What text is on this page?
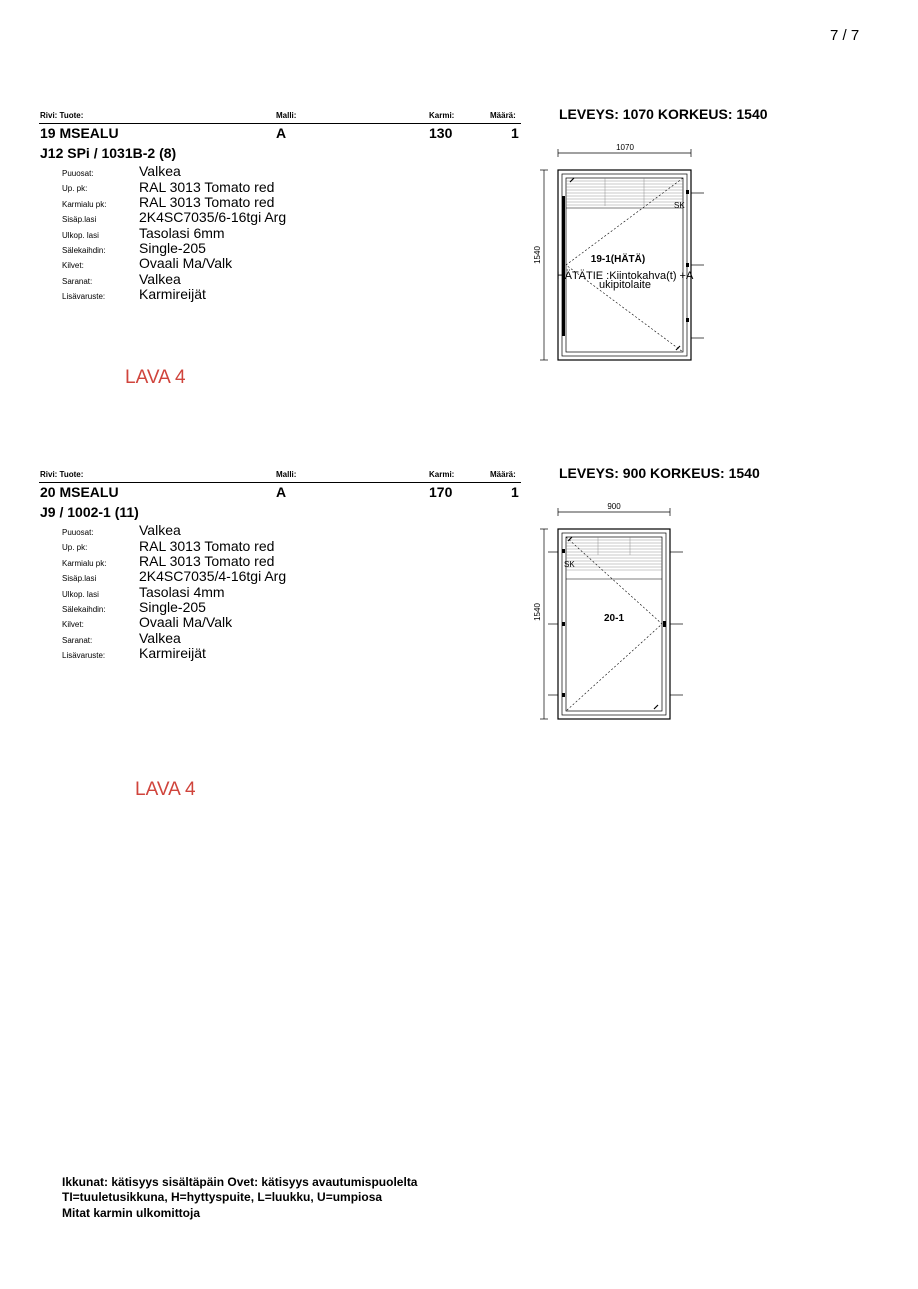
7 / 7
Rivi: Tuote:	Malli:	Karmi:	Määrä:
19 MSEALU	A	130	1
J12 SPi / 1031B-2 (8)
Puuosat:	Valkea
Up. pk:	RAL 3013 Tomato red
Karmialu pk: RAL 3013 Tomato red
Sisäp.lasi	2K4SC7035/6-16tgi Arg
Ulkop. lasi	Tasolasi 6mm
Sälekaihdin: Single-205
Kilvet:	Ovaali Ma/Valk
Saranat:	Valkea
Lisävaruste: Karmireijät
LAVA 4
LEVEYS: 1070 KORKEUS: 1540
1070
1540
SK
19-1(HÄTÄ)
HÄTÄTIE :Kiintokahva(t) +A
ukipitolaite
Rivi: Tuote:	Malli:	Karmi:	Määrä:
20 MSEALU	A	170	1
J9 / 1002-1 (11)
Puuosat:	Valkea
Up. pk:	RAL 3013 Tomato red
Karmialu pk: RAL 3013 Tomato red
Sisäp.lasi	2K4SC7035/4-16tgi Arg
Ulkop. lasi	Tasolasi 4mm
Sälekaihdin: Single-205
Kilvet:	Ovaali Ma/Valk
Saranat:	Valkea
Lisävaruste: Karmireijät
LAVA 4
LEVEYS: 900 KORKEUS: 1540
900
1540
SK
20-1
Ikkunat: kätisyys sisältäpäin Ovet: kätisyys avautumispuolelta
TI=tuuletusikkuna, H=hyttyspuite, L=luukku, U=umpiosa
Mitat karmin ulkomittoja
